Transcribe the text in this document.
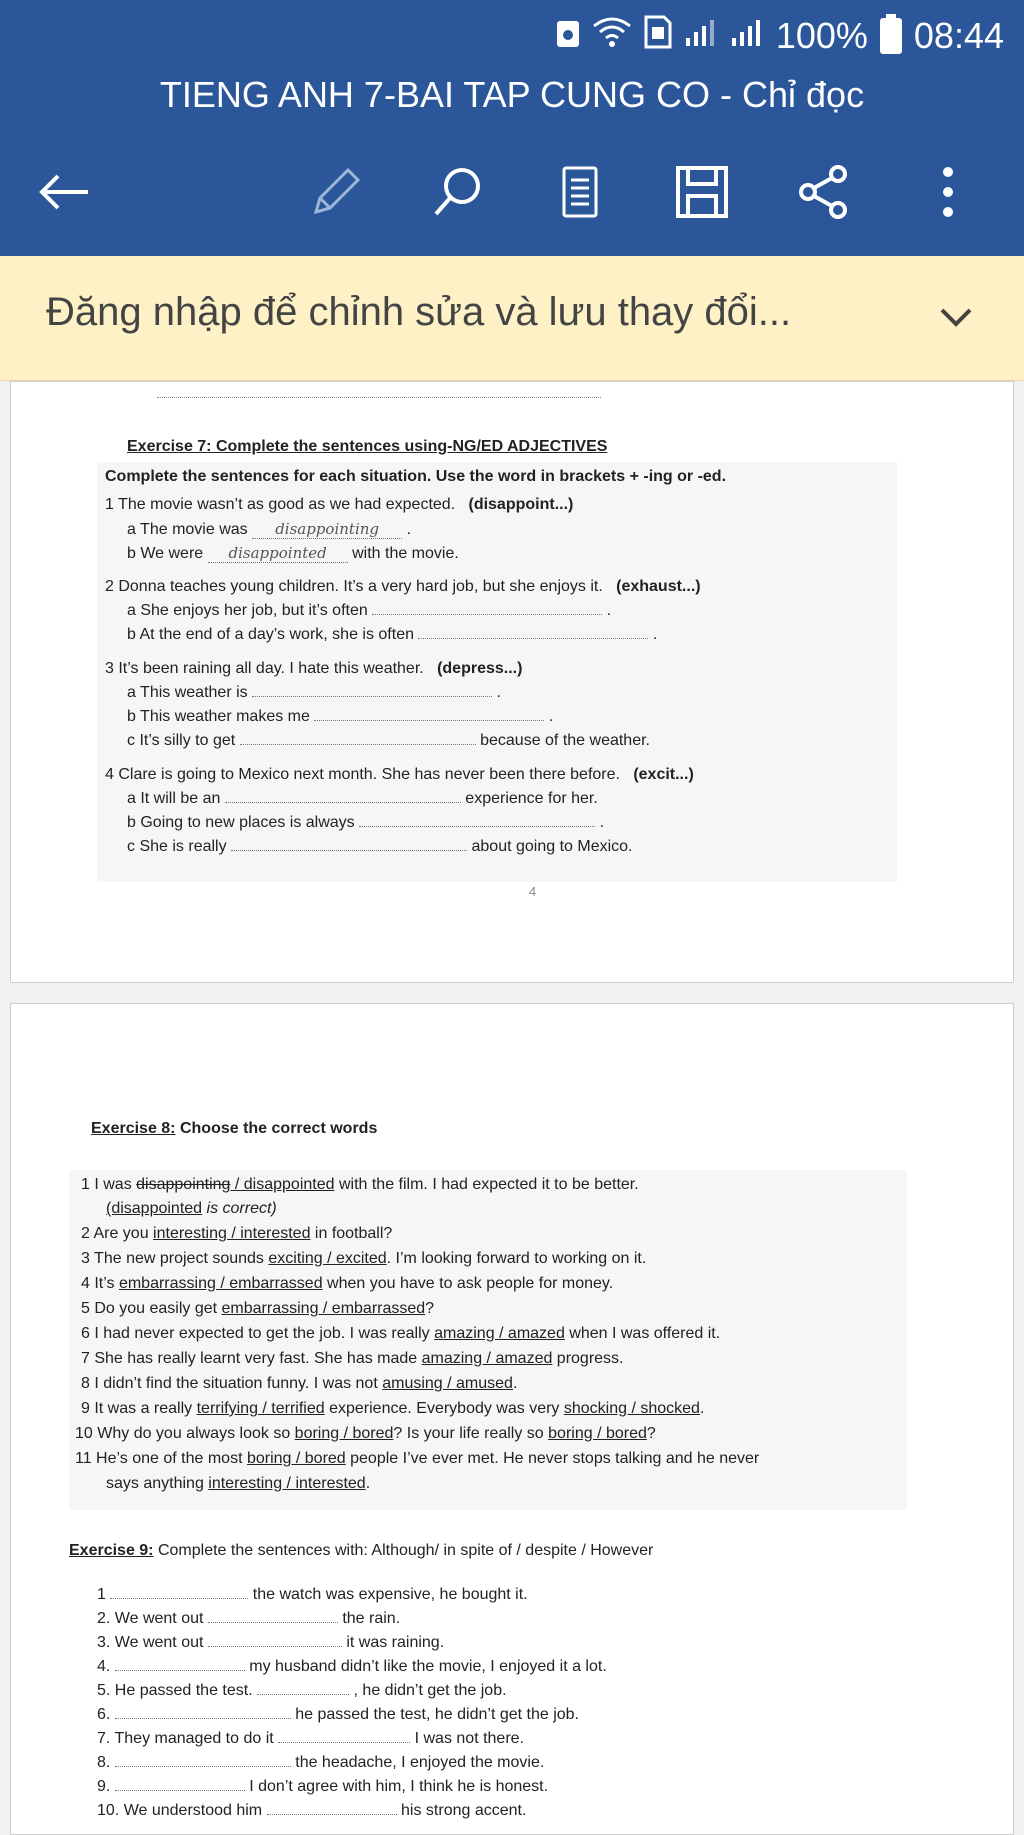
100% 08:44
TIENG ANH 7-BAI TAP CUNG CO - Chỉ đọc
Đăng nhập để chỉnh sửa và lưu thay đổi...
Exercise 7: Complete the sentences using-NG/ED ADJECTIVES
Complete the sentences for each situation. Use the word in brackets + -ing or -ed.
1 The movie wasn’t as good as we had expected. (disappoint...)
a The movie was disappointing .
b We were disappointed with the movie.
2 Donna teaches young children. It’s a very hard job, but she enjoys it. (exhaust...)
a She enjoys her job, but it’s often	.
b At the end of a day’s work, she is often	.
3 It’s been raining all day. I hate this weather. (depress...)
a This weather is	.
b This weather makes me	.
c It’s silly to get	because of the weather.
4 Clare is going to Mexico next month. She has never been there before. (excit...)
a It will be an	experience for her.
b Going to new places is always	.
c She is really	about going to Mexico.
4
Exercise 8: Choose the correct words
1 I was disappointing / disappointed with the film. I had expected it to be better.
(disappointed is correct)
2 Are you interesting / interested in football?
3 The new project sounds exciting / excited. I’m looking forward to working on it.
4 It’s embarrassing / embarrassed when you have to ask people for money.
5 Do you easily get embarrassing / embarrassed?
6 I had never expected to get the job. I was really amazing / amazed when I was offered it.
7 She has really learnt very fast. She has made amazing / amazed progress.
8 I didn’t find the situation funny. I was not amusing / amused.
9 It was a really terrifying / terrified experience. Everybody was very shocking / shocked.
10 Why do you always look so boring / bored? Is your life really so boring / bored?
11 He’s one of the most boring / bored people I’ve ever met. He never stops talking and he never
says anything interesting / interested.
Exercise 9: Complete the sentences with: Although/ in spite of / despite / However
1	the watch was expensive, he bought it.
2. We went out	the rain.
3. We went out	it was raining.
4.	my husband didn’t like the movie, I enjoyed it a lot.
5. He passed the test.	, he didn’t get the job.
6.	he passed the test, he didn’t get the job.
7. They managed to do it	I was not there.
8.	the headache, I enjoyed the movie.
9.	I don’t agree with him, I think he is honest.
10. We understood him	his strong accent.
